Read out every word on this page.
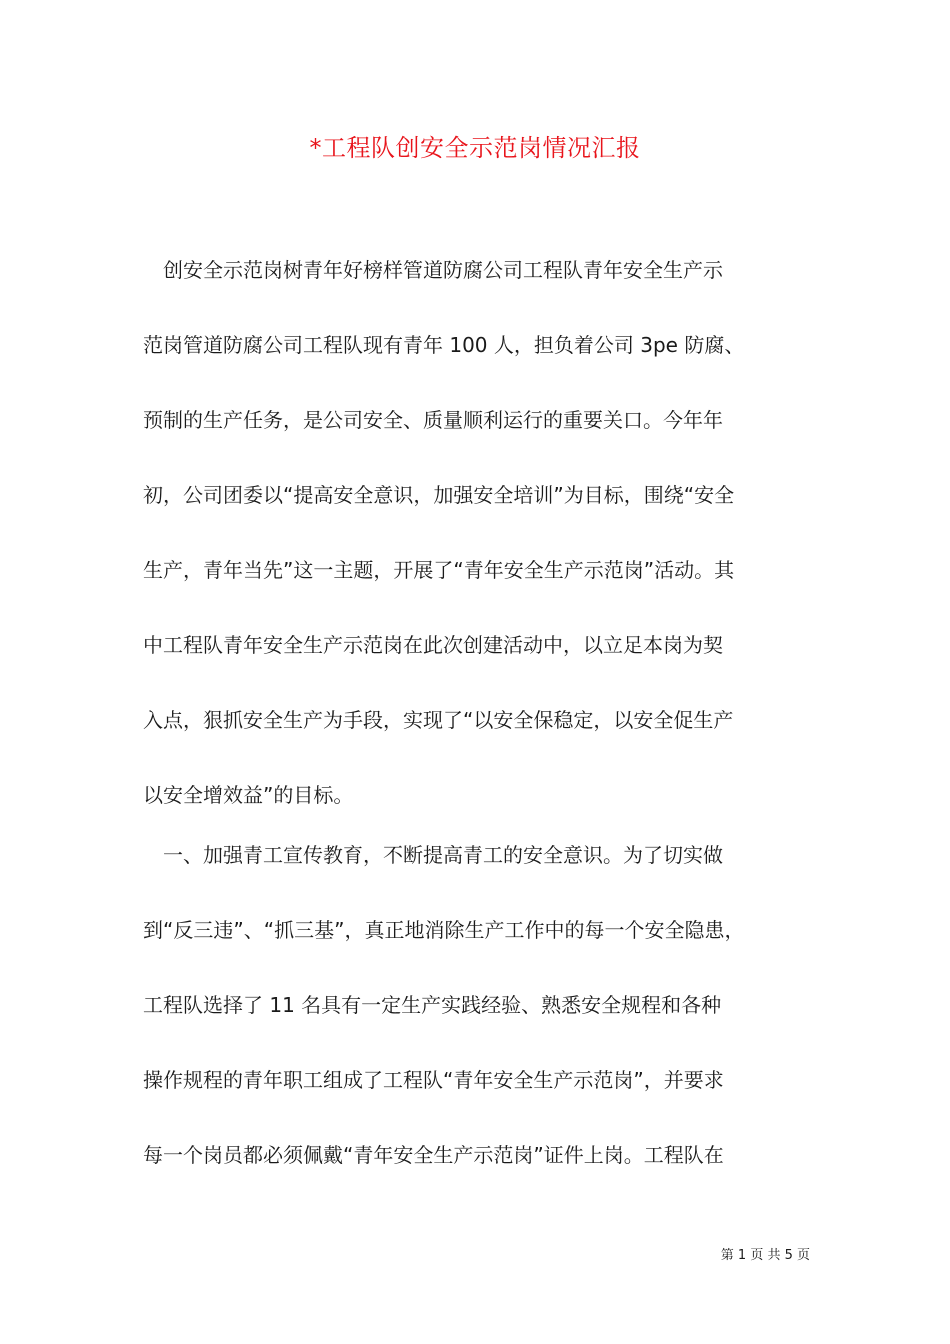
*工程队创安全示范岗情况汇报
　创安全示范岗树青年好榜样管道防腐公司工程队青年安全生产示
范岗管道防腐公司工程队现有青年 100 人，担负着公司 3pe 防腐、
预制的生产任务，是公司安全、质量顺利运行的重要关口。今年年
初，公司团委以“提高安全意识，加强安全培训”为目标，围绕“安全
生产，青年当先”这一主题，开展了“青年安全生产示范岗”活动。其
中工程队青年安全生产示范岗在此次创建活动中，以立足本岗为契
入点，狠抓安全生产为手段，实现了“以安全保稳定，以安全促生产
以安全增效益”的目标。
　一、加强青工宣传教育，不断提高青工的安全意识。为了切实做
到“反三违”、“抓三基”，真正地消除生产工作中的每一个安全隐患，
工程队选择了 11 名具有一定生产实践经验、熟悉安全规程和各种
操作规程的青年职工组成了工程队“青年安全生产示范岗”，并要求
每一个岗员都必须佩戴“青年安全生产示范岗”证件上岗。工程队在
第 1 页 共 5 页
